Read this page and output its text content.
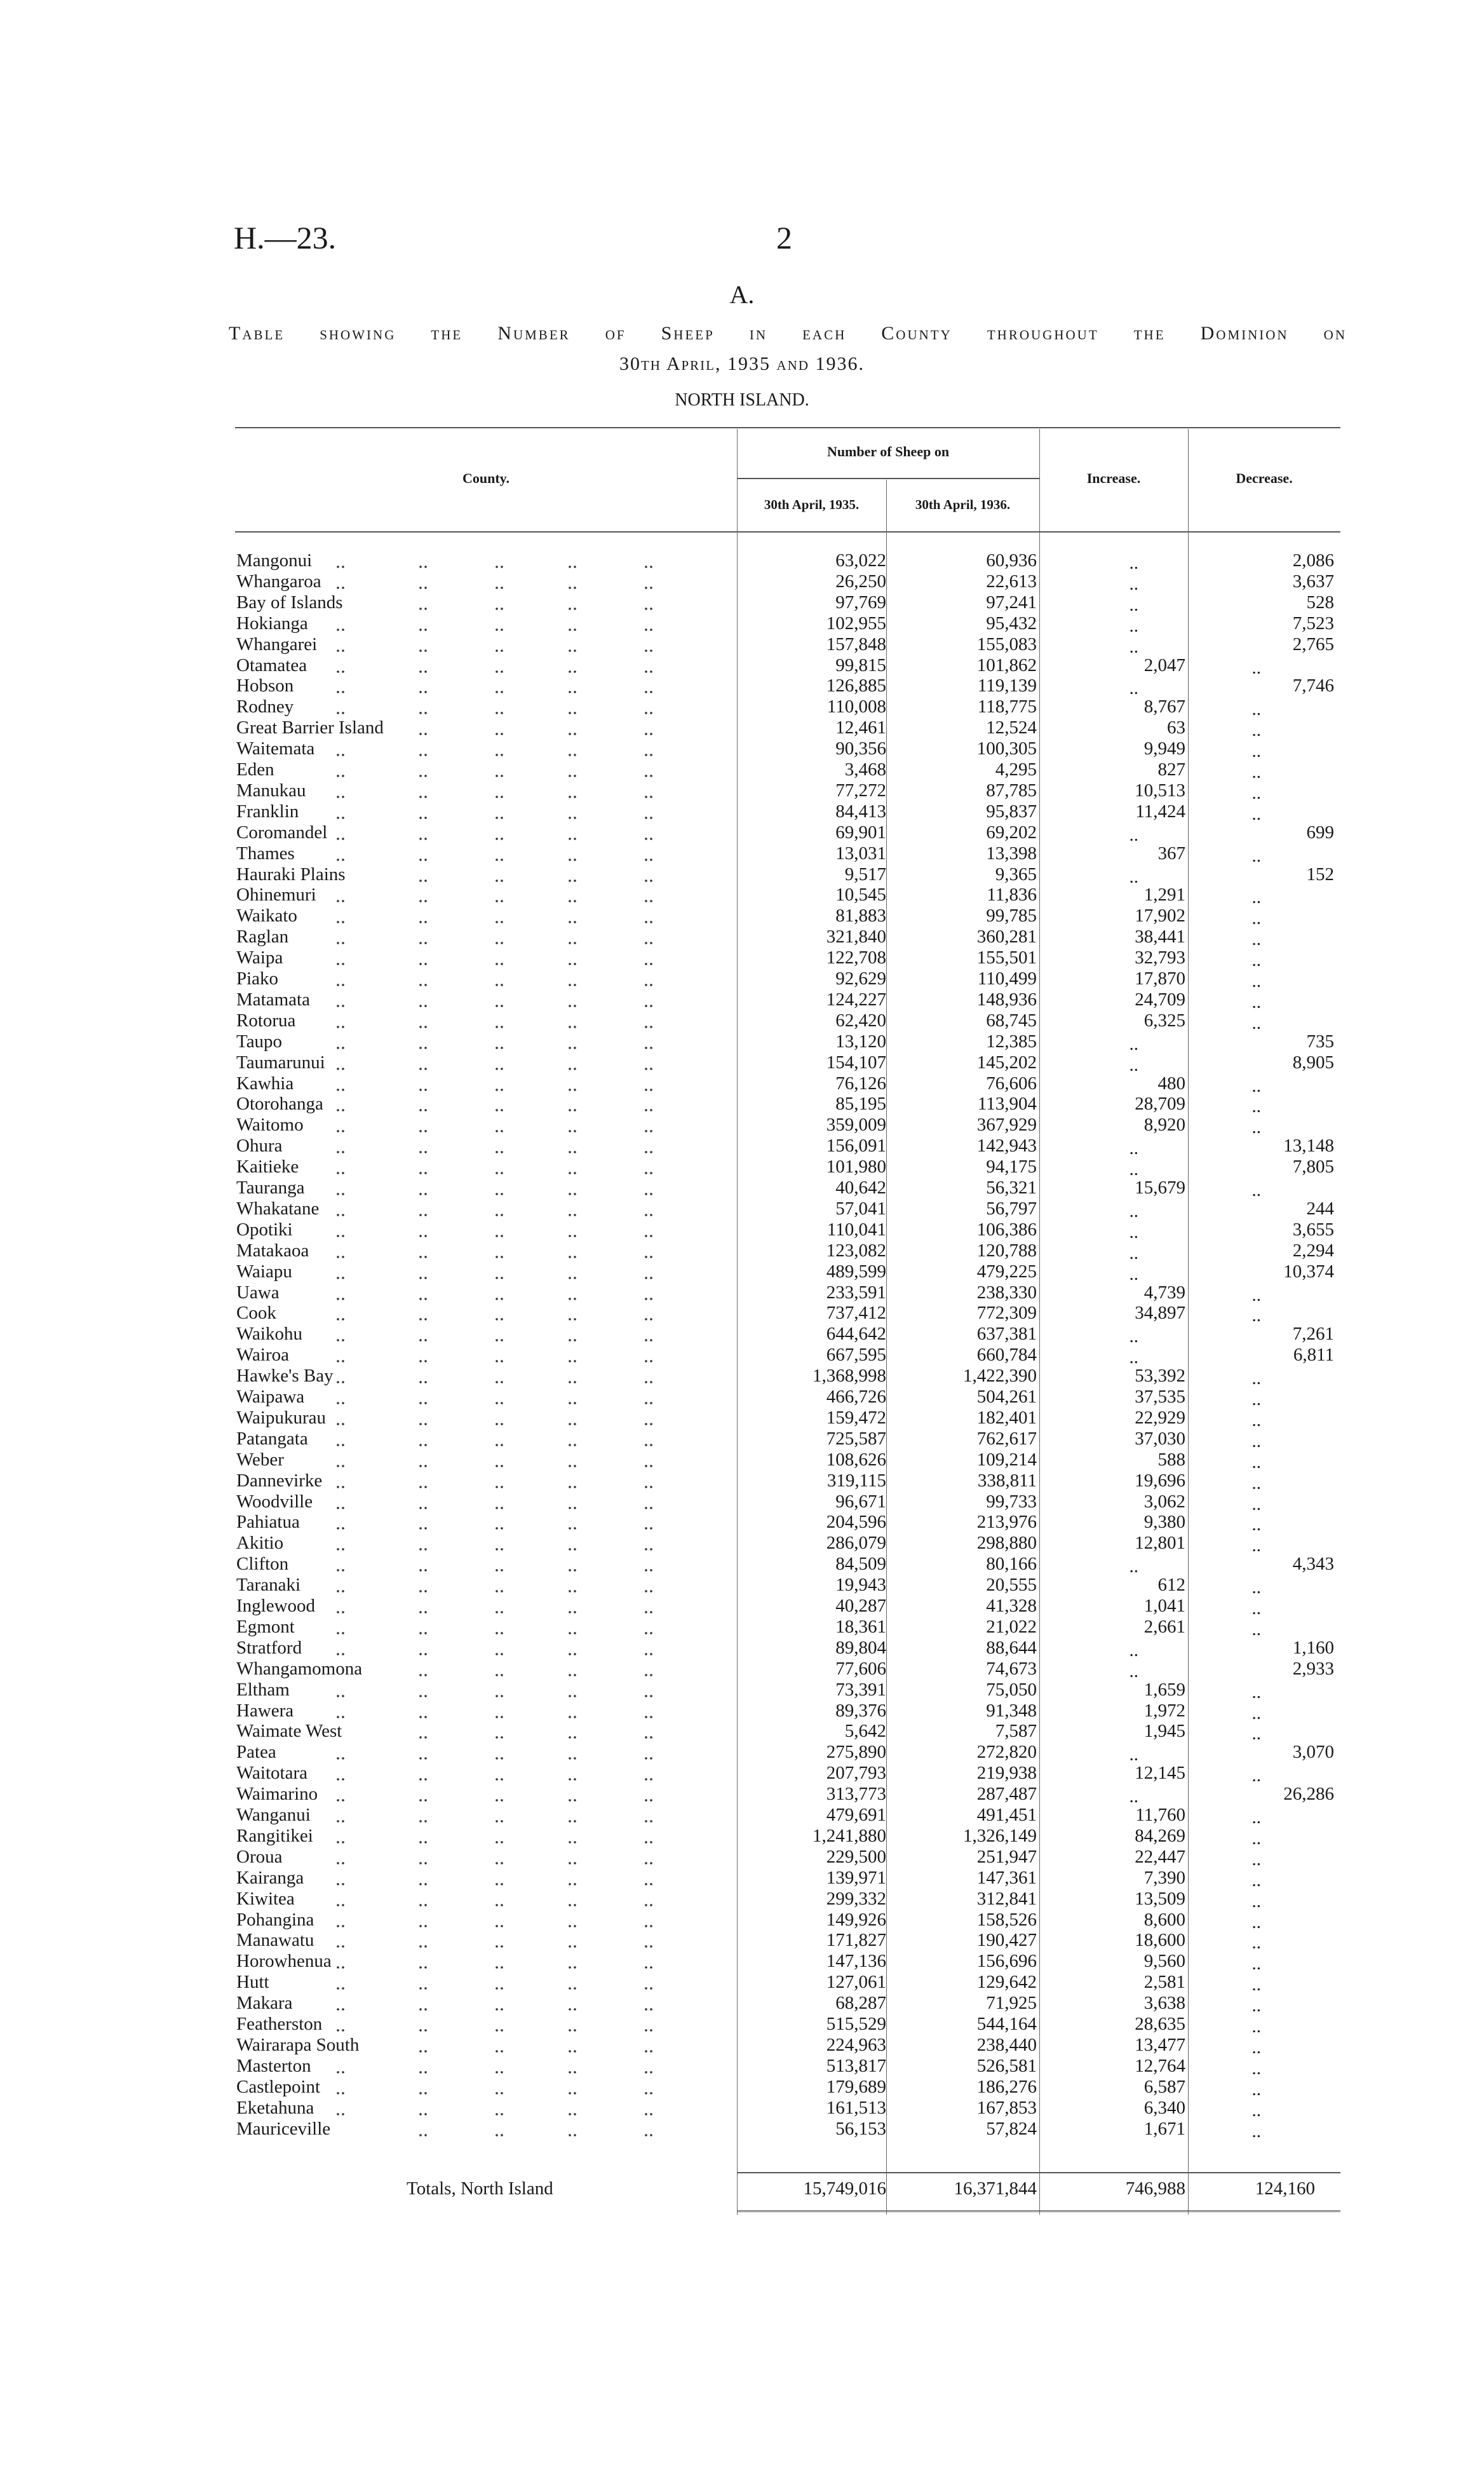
H.—23.	2
A.
Table showing the Number of Sheep in each County throughout the Dominion on
30th April, 1935 and 1936.
NORTH ISLAND.
County.
Number of Sheep on
30th April, 1935.	30th April, 1936.
Increase.	Decrease.
Mangonui	63,022	60,936	..	2,086
Whangaroa	26,250	22,613	..	3,637
Bay of Islands	97,769	97,241	..	528
Hokianga	102,955	95,432	..	7,523
Whangarei	157,848	155,083	..	2,765
Otamatea	99,815	101,862	2,047	..
Hobson	126,885	119,139	..	7,746
Rodney	110,008	118,775	8,767	..
Great Barrier Island	12,461	12,524	63	..
Waitemata	90,356	100,305	9,949	..
Eden	3,468	4,295	827	..
Manukau	77,272	87,785	10,513	..
Franklin	84,413	95,837	11,424	..
Coromandel	69,901	69,202	..	699
Thames	13,031	13,398	367	..
Hauraki Plains	9,517	9,365	..	152
Ohinemuri	10,545	11,836	1,291	..
Waikato	81,883	99,785	17,902	..
Raglan	321,840	360,281	38,441	..
Waipa	122,708	155,501	32,793	..
Piako	92,629	110,499	17,870	..
Matamata	124,227	148,936	24,709	..
Rotorua	62,420	68,745	6,325	..
Taupo	13,120	12,385	..	735
Taumarunui	154,107	145,202	..	8,905
Kawhia	76,126	76,606	480	..
Otorohanga	85,195	113,904	28,709	..
Waitomo	359,009	367,929	8,920	..
Ohura	156,091	142,943	..	13,148
Kaitieke	101,980	94,175	..	7,805
Tauranga	40,642	56,321	15,679	..
Whakatane	57,041	56,797	..	244
Opotiki	110,041	106,386	..	3,655
Matakaoa	123,082	120,788	..	2,294
Waiapu	489,599	479,225	..	10,374
Uawa	233,591	238,330	4,739	..
Cook	737,412	772,309	34,897	..
Waikohu	644,642	637,381	..	7,261
Wairoa	667,595	660,784	..	6,811
Hawke's Bay	1,368,998	1,422,390	53,392	..
Waipawa	466,726	504,261	37,535	..
Waipukurau	159,472	182,401	22,929	..
Patangata	725,587	762,617	37,030	..
Weber	108,626	109,214	588	..
Dannevirke	319,115	338,811	19,696	..
Woodville	96,671	99,733	3,062	..
Pahiatua	204,596	213,976	9,380	..
Akitio	286,079	298,880	12,801	..
Clifton	84,509	80,166	..	4,343
Taranaki	19,943	20,555	612	..
Inglewood	40,287	41,328	1,041	..
Egmont	18,361	21,022	2,661	..
Stratford	89,804	88,644	..	1,160
Whangamomona	77,606	74,673	..	2,933
Eltham	73,391	75,050	1,659	..
Hawera	89,376	91,348	1,972	..
Waimate West	5,642	7,587	1,945	..
Patea	275,890	272,820	..	3,070
Waitotara	207,793	219,938	12,145	..
Waimarino	313,773	287,487	..	26,286
Wanganui	479,691	491,451	11,760	..
Rangitikei	1,241,880	1,326,149	84,269	..
Oroua	229,500	251,947	22,447	..
Kairanga	139,971	147,361	7,390	..
Kiwitea	299,332	312,841	13,509	..
Pohangina	149,926	158,526	8,600	..
Manawatu	171,827	190,427	18,600	..
Horowhenua	147,136	156,696	9,560	..
Hutt	127,061	129,642	2,581	..
Makara	68,287	71,925	3,638	..
Featherston	515,529	544,164	28,635	..
Wairarapa South	224,963	238,440	13,477	..
Masterton	513,817	526,581	12,764	..
Castlepoint	179,689	186,276	6,587	..
Eketahuna	161,513	167,853	6,340	..
Mauriceville	56,153	57,824	1,671	..
Totals, North Island	15,749,016	16,371,844	746,988	124,160
